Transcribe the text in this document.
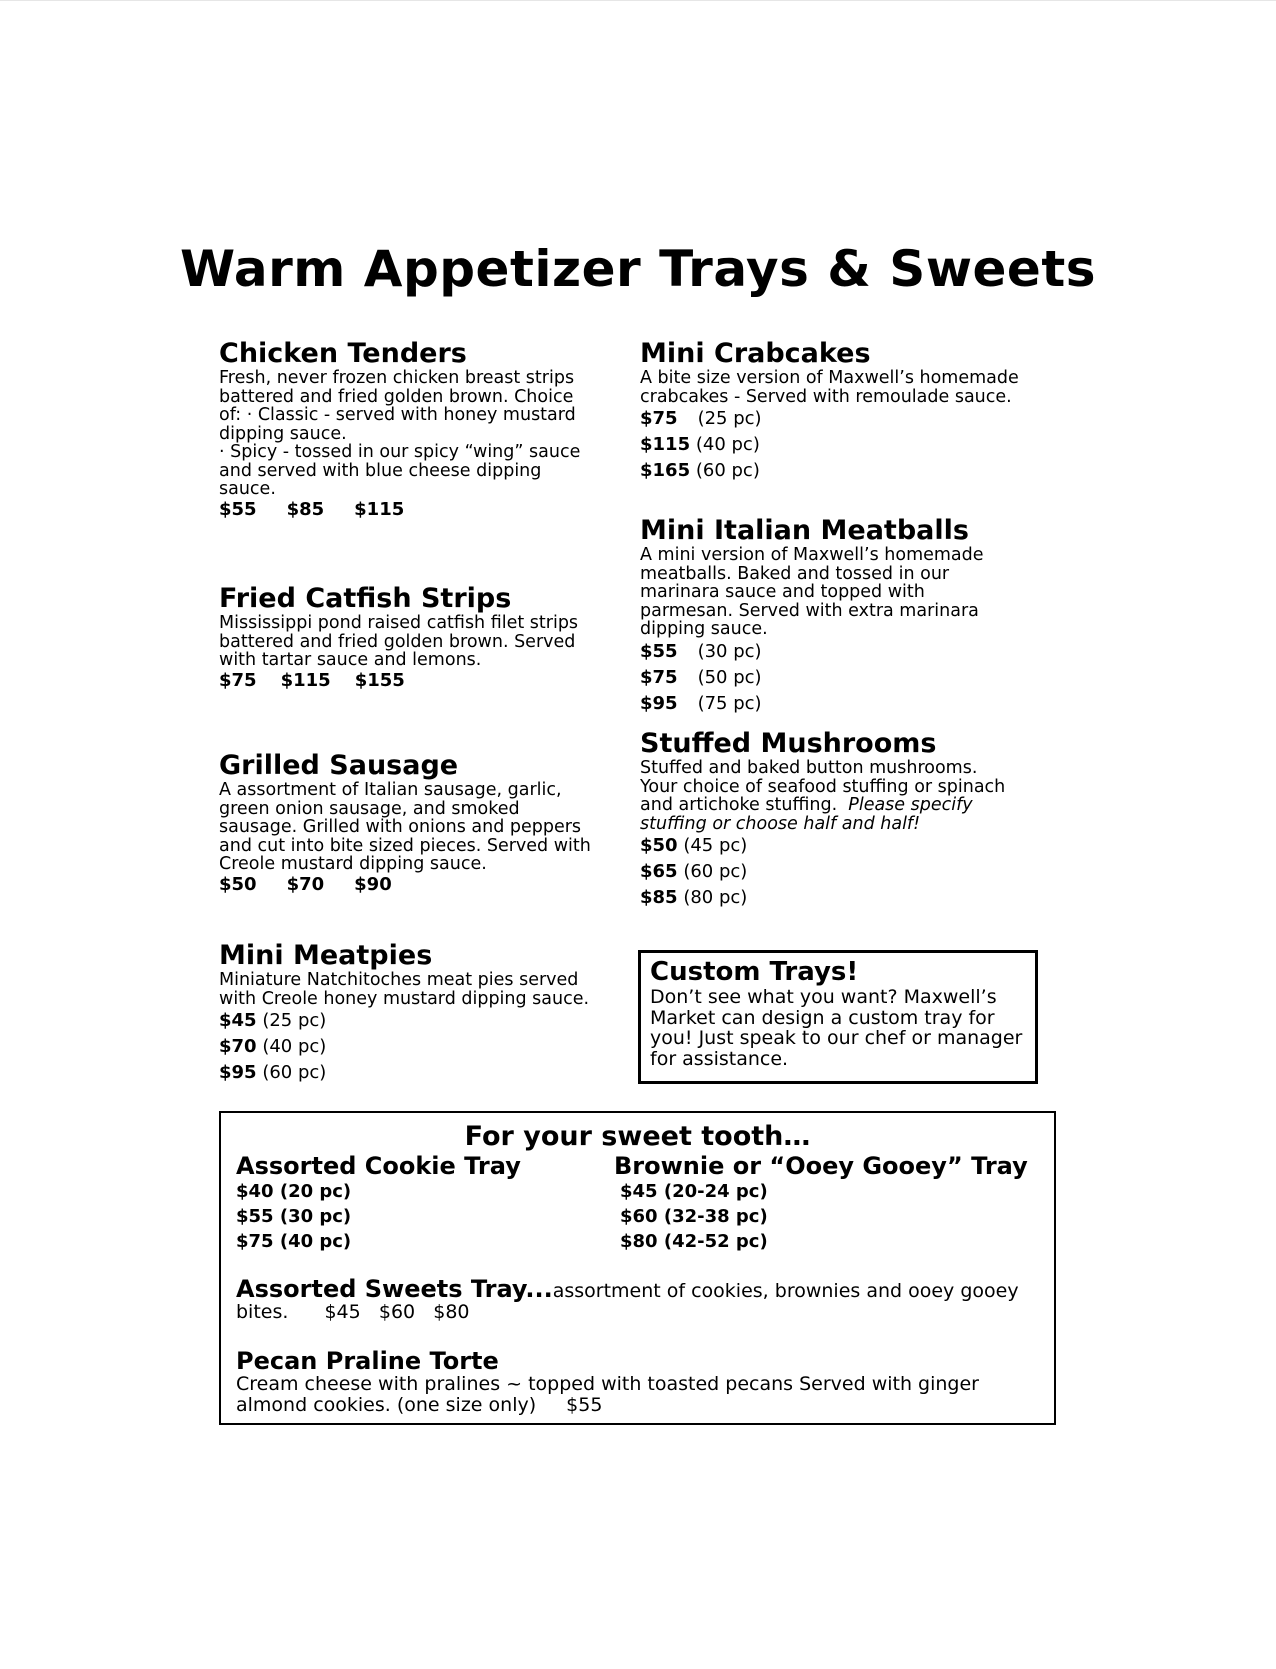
Warm Appetizer Trays & Sweets
Chicken Tenders

Fresh, never frozen chicken breast strips battered and fried golden brown. Choice of: · Classic - served with honey mustard dipping sauce.

· Spicy - tossed in our spicy “wing” sauce and served with blue cheese dipping sauce.

$55 $85 $115
Fried Catfish Strips

Mississippi pond raised catfish filet strips battered and fried golden brown. Served with tartar sauce and lemons.

$75 $115 $155
Grilled Sausage

A assortment of Italian sausage, garlic, green onion sausage, and smoked sausage. Grilled with onions and peppers and cut into bite sized pieces. Served with Creole mustard dipping sauce.

$50 $70 $90
Mini Meatpies

Miniature Natchitoches meat pies served with Creole honey mustard dipping sauce.

$45 (25 pc)
$70 (40 pc)
$95 (60 pc)
Mini Crabcakes

A bite size version of Maxwell’s homemade crabcakes - Served with remoulade sauce.

$75 (25 pc)
$115 (40 pc)
$165 (60 pc)
Mini Italian Meatballs

A mini version of Maxwell’s homemade meatballs. Baked and tossed in our marinara sauce and topped with parmesan. Served with extra marinara dipping sauce.

$55 (30 pc)
$75 (50 pc)
$95 (75 pc)
Stuffed Mushrooms

Stuffed and baked button mushrooms. Your choice of seafood stuffing or spinach and artichoke stuffing. Please specify stuffing or choose half and half!

$50 (45 pc)
$65 (60 pc)
$85 (80 pc)
Custom Trays!

Don’t see what you want? Maxwell’s Market can design a custom tray for you! Just speak to our chef or manager for assistance.

For your sweet tooth…
Assorted Cookie Tray
$40 (20 pc)
$55 (30 pc)
$75 (40 pc)
Brownie or “Ooey Gooey” Tray
$45 (20-24 pc)
$60 (32-38 pc)
$80 (42-52 pc)
Assorted Sweets Tray...assortment of cookies, brownies and ooey gooey bites. $45 $60 $80
Pecan Praline Torte
Cream cheese with pralines ~ topped with toasted pecans Served with ginger almond cookies. (one size only) $55
